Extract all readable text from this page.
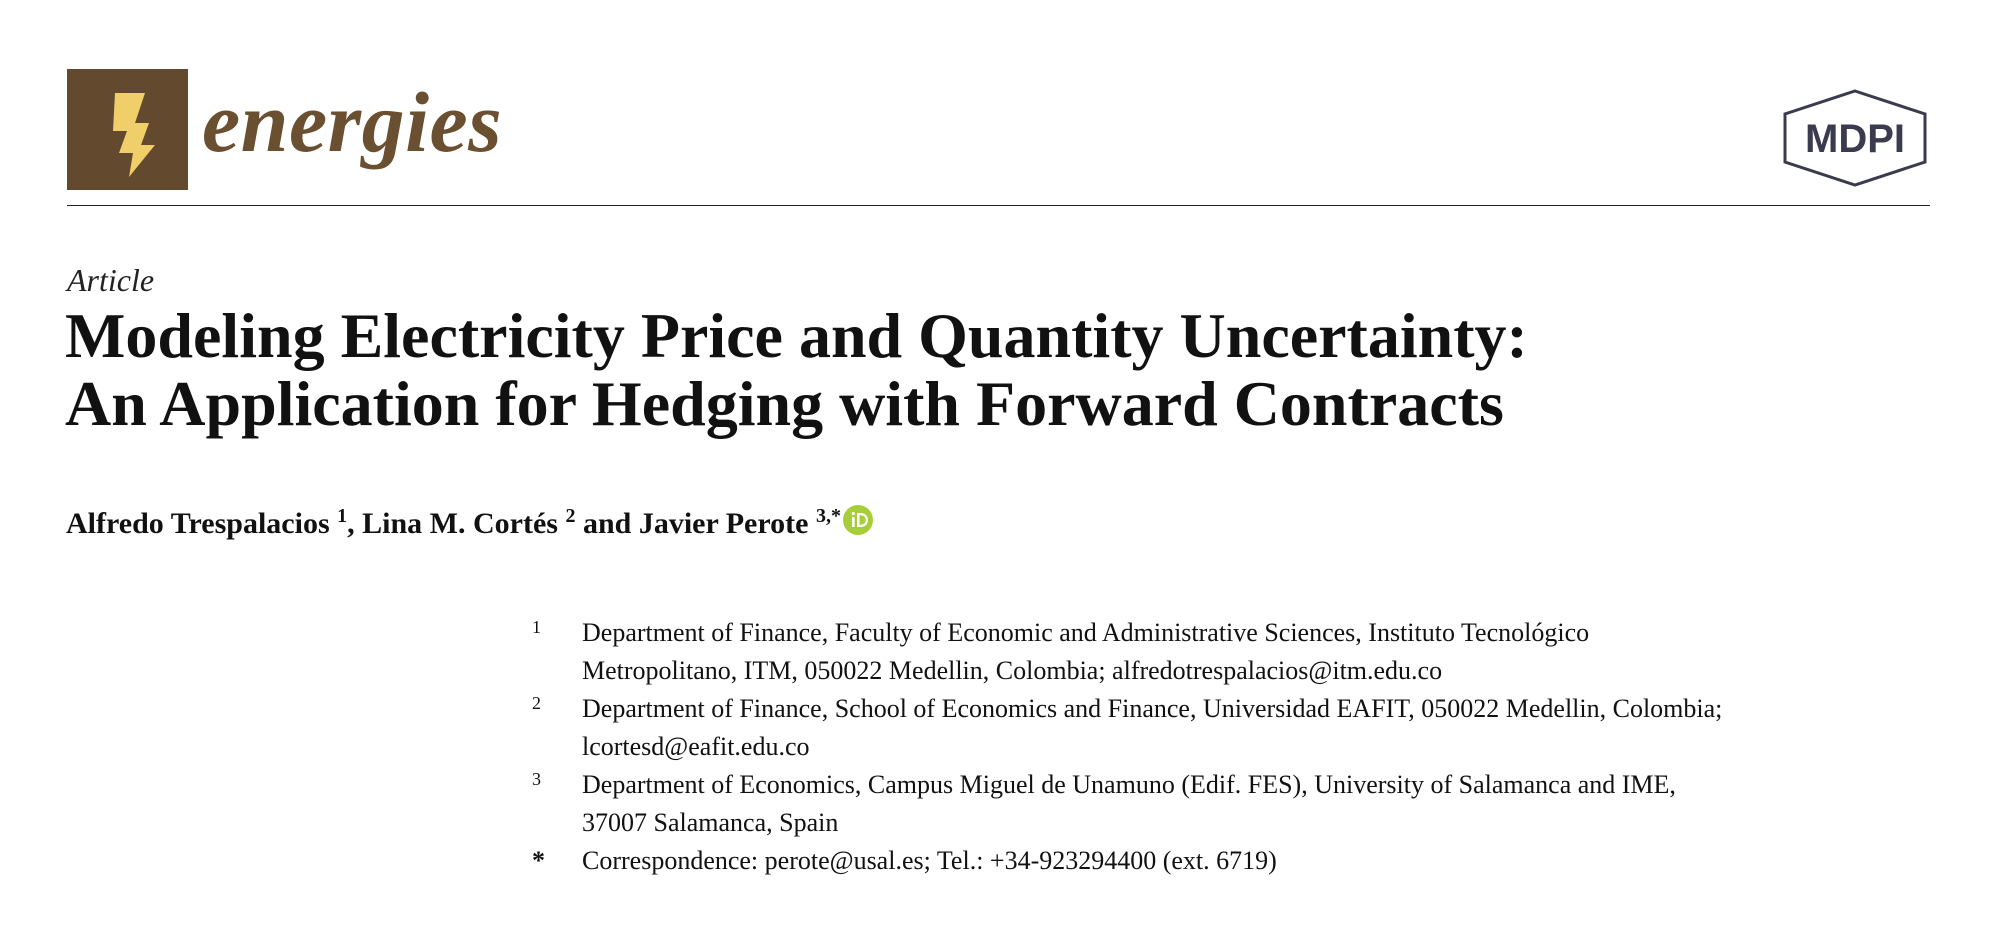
energies	MDPI
Article
Modeling Electricity Price and Quantity Uncertainty:
An Application for Hedging with Forward Contracts
Alfredo Trespalacios $^1$, Lina M. Cortés $^2$ and Javier Perote $^{3,*}$
1 Department of Finance, Faculty of Economic and Administrative Sciences, Instituto Tecnológico
Metropolitano, ITM, 050022 Medellin, Colombia; alfredotrespalacios@itm.edu.co
2 Department of Finance, School of Economics and Finance, Universidad EAFIT, 050022 Medellin, Colombia;
lcortesd@eafit.edu.co
3 Department of Economics, Campus Miguel de Unamuno (Edif. FES), University of Salamanca and IME,
37007 Salamanca, Spain
* Correspondence: perote@usal.es; Tel.: +34-923294400 (ext. 6719)
